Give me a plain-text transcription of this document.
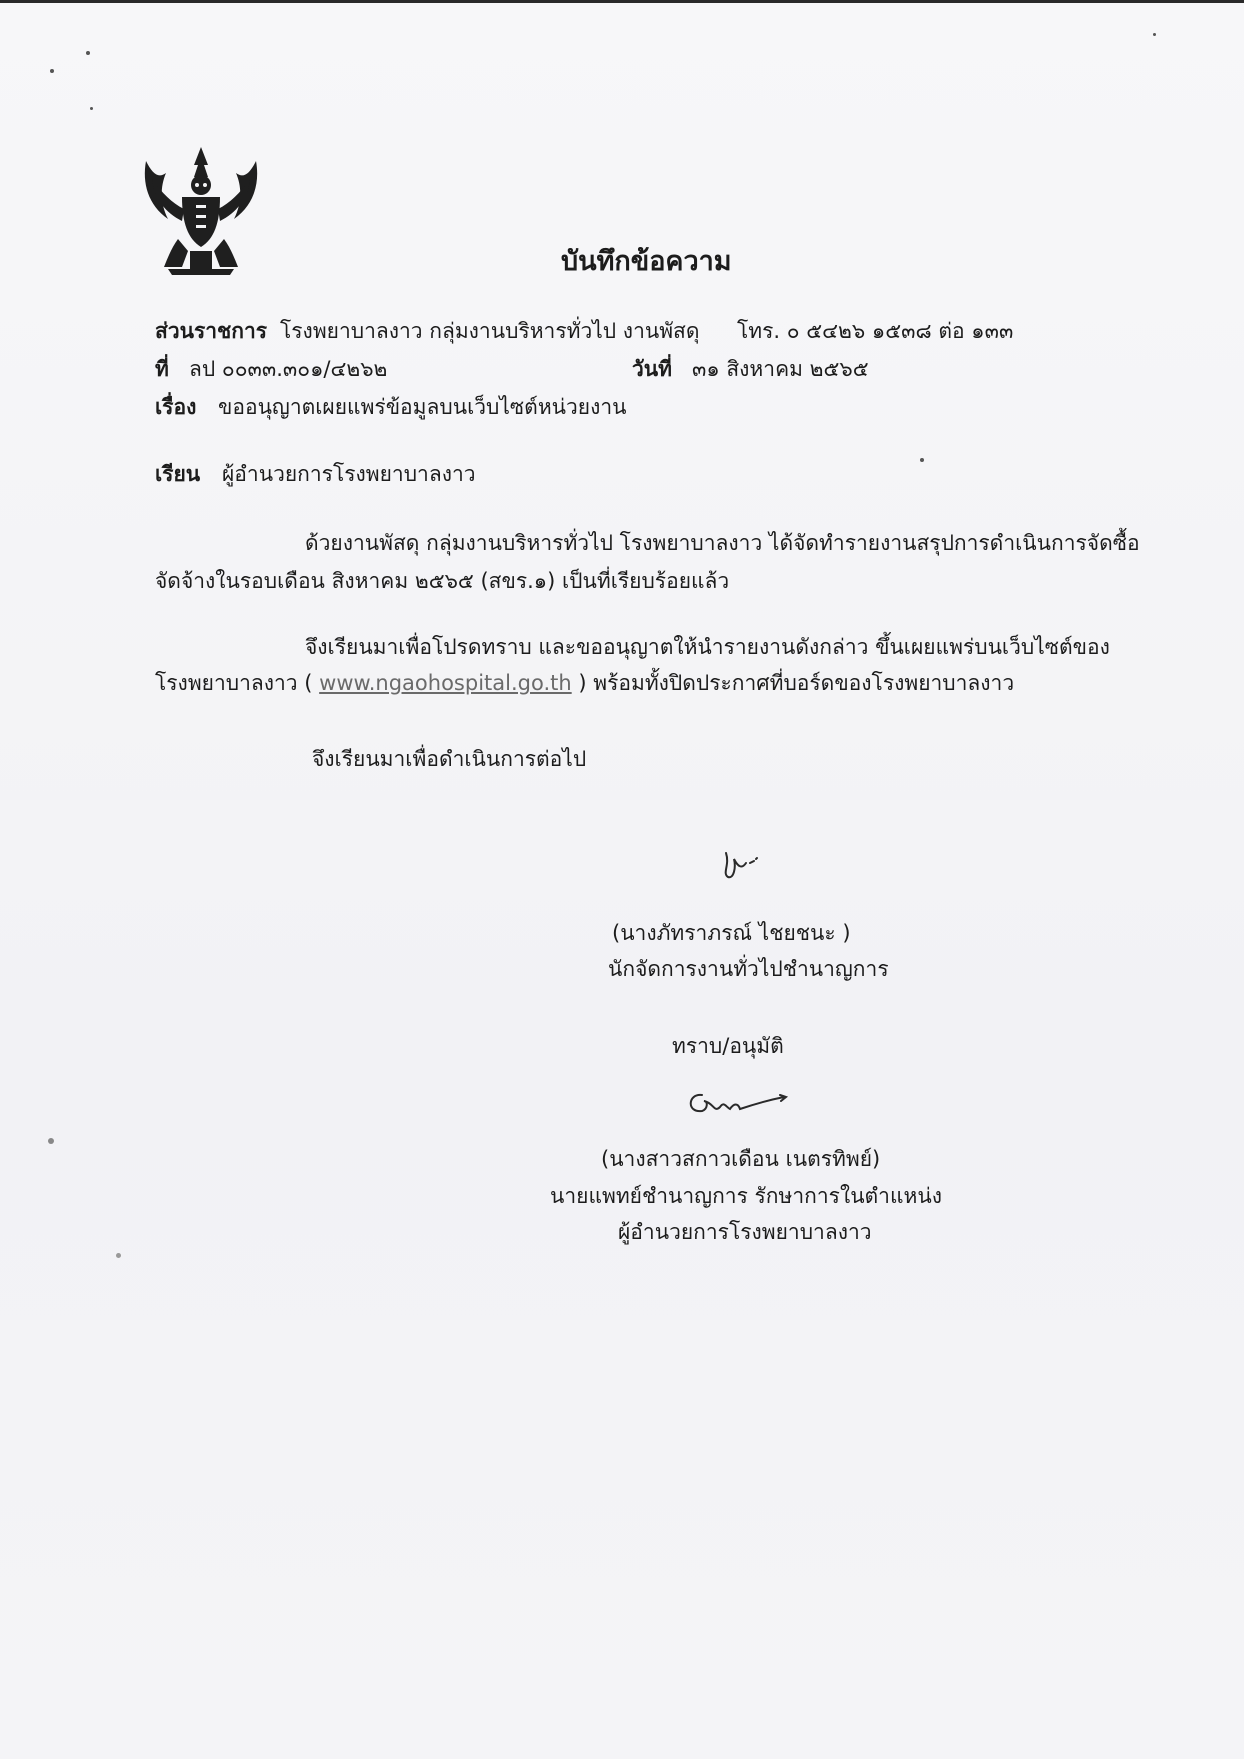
บันทึกข้อความ
ส่วนราชการ โรงพยาบาลงาว กลุ่มงานบริหารทั่วไป งานพัสดุ โทร. ๐ ๕๔๒๖ ๑๕๓๘ ต่อ ๑๓๓
ที่ ลป ๐๐๓๓.๓๐๑/๔๒๖๒	วันที่ ๓๑ สิงหาคม ๒๕๖๕
เรื่อง ขออนุญาตเผยแพร่ข้อมูลบนเว็บไซต์หน่วยงาน
เรียน ผู้อำนวยการโรงพยาบาลงาว
ด้วยงานพัสดุ กลุ่มงานบริหารทั่วไป โรงพยาบาลงาว ได้จัดทำรายงานสรุปการดำเนินการจัดซื้อ
จัดจ้างในรอบเดือน สิงหาคม ๒๕๖๕ (สขร.๑) เป็นที่เรียบร้อยแล้ว
จึงเรียนมาเพื่อโปรดทราบ และขออนุญาตให้นำรายงานดังกล่าว ขึ้นเผยแพร่บนเว็บไซต์ของ
โรงพยาบาลงาว ( www.ngaohospital.go.th ) พร้อมทั้งปิดประกาศที่บอร์ดของโรงพยาบาลงาว
จึงเรียนมาเพื่อดำเนินการต่อไป
(นางภัทราภรณ์ ไชยชนะ )
นักจัดการงานทั่วไปชำนาญการ
ทราบ/อนุมัติ
(นางสาวสกาวเดือน เนตรทิพย์)
นายแพทย์ชำนาญการ รักษาการในตำแหน่ง
ผู้อำนวยการโรงพยาบาลงาว
